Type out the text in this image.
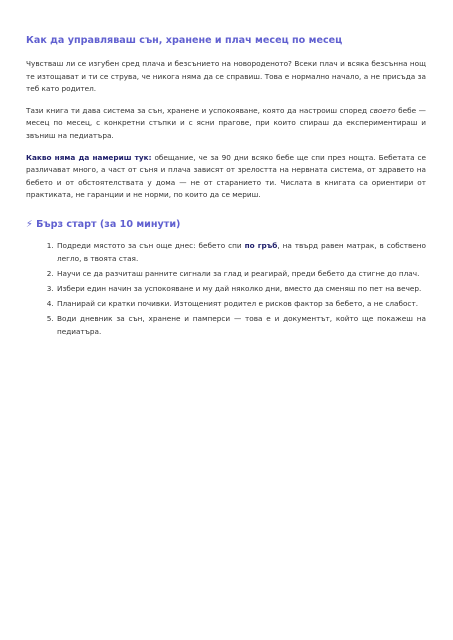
Как да управляваш сън, хранене и плач месец по месец

Чувстваш ли се изгубен сред плача и безсънието на новороденото? Всеки плач и всяка безсънна нощ те изтощават и ти се струва, че никога няма да се справиш. Това е нормално начало, а не присъда за теб като родител.

Тази книга ти дава система за сън, хранене и успокояване, която да настроиш според своето бебе — месец по месец, с конкретни стъпки и с ясни прагове, при които спираш да експериментираш и звъниш на педиатъра.

Какво няма да намериш тук: обещание, че за 90 дни всяко бебе ще спи през нощта. Бебетата се различават много, а част от съня и плача зависят от зрелостта на нервната система, от здравето на бебето и от обстоятелствата у дома — не от старанието ти. Числата в книгата са ориентири от практиката, не гаранции и не норми, по които да се мериш.

⚡ Бърз старт (за 10 минути)
1. Подреди мястото за сън още днес: бебето спи по гръб, на твърд равен матрак, в собствено легло, в твоята стая.
2. Научи се да разчиташ ранните сигнали за глад и реагирай, преди бебето да стигне до плач.
3. Избери един начин за успокояване и му дай няколко дни, вместо да сменяш по пет на вечер.
4. Планирай си кратки почивки. Изтощеният родител е рисков фактор за бебето, а не слабост.
5. Води дневник за сън, хранене и памперси — това е и документът, който ще покажеш на педиатъра.
